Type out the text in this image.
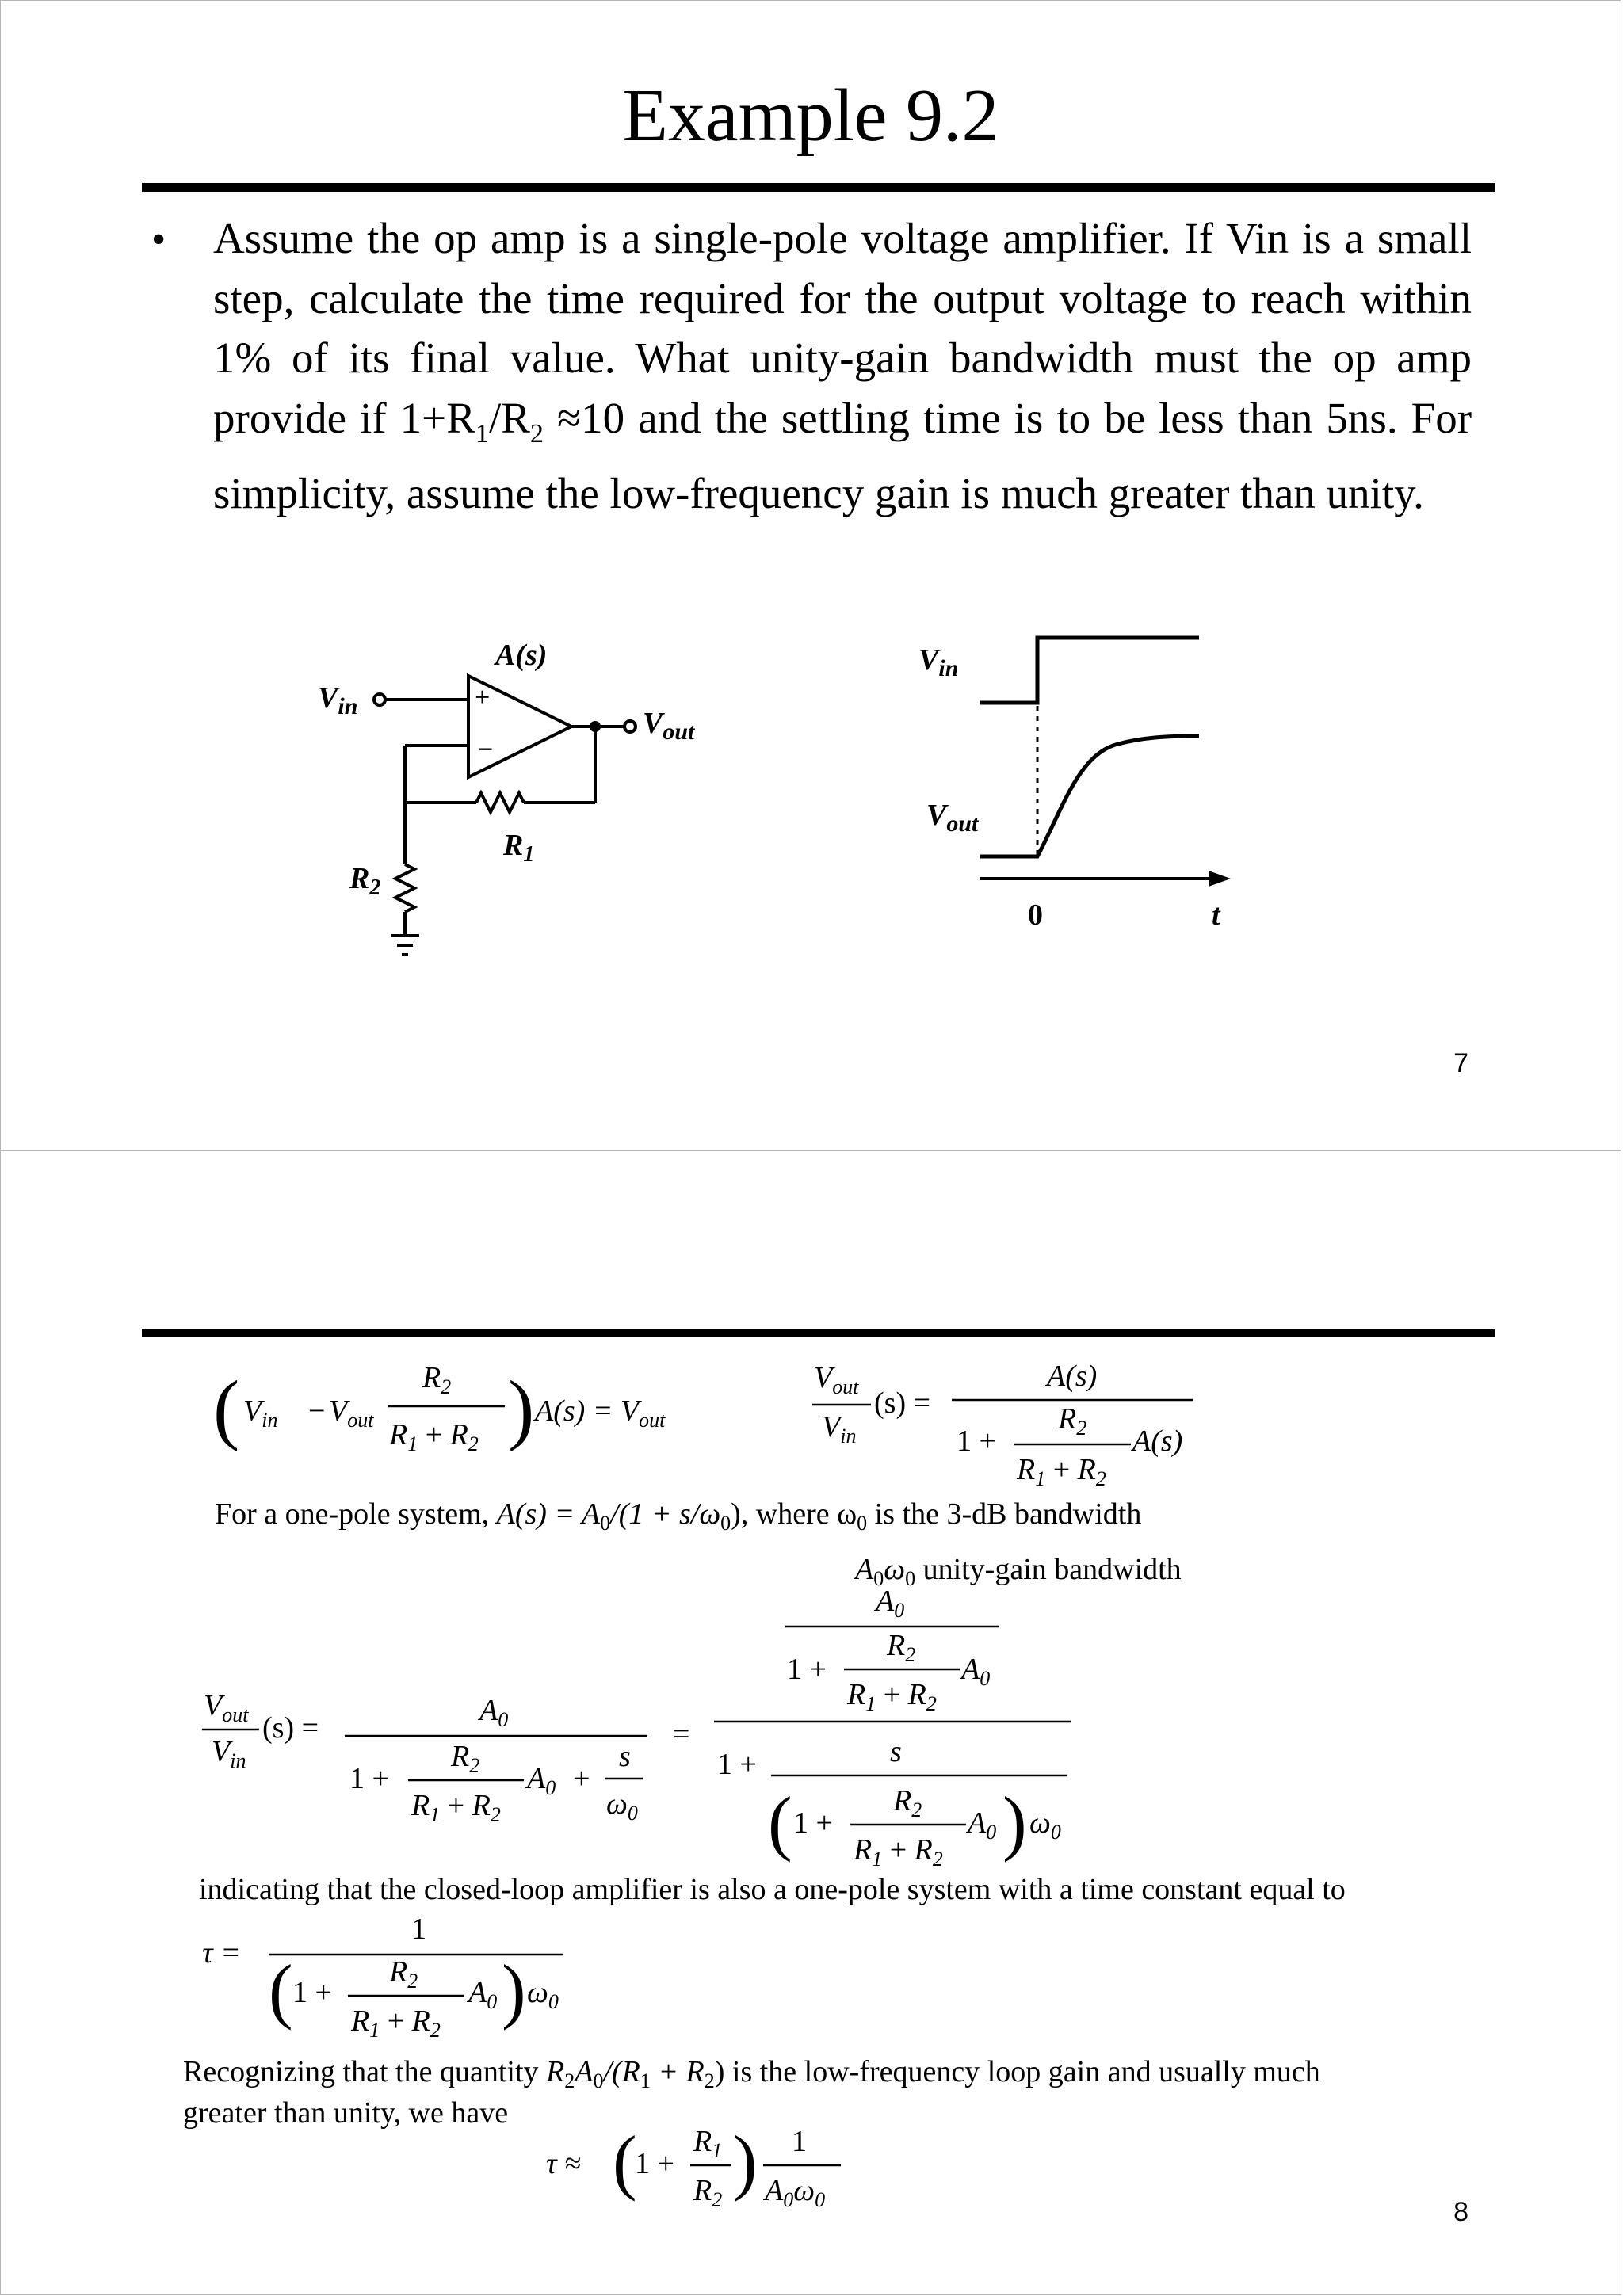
Example 9.2
• Assume the op amp is a single-pole voltage amplifier. If Vin is a small step, calculate the time required for the output voltage to reach within 1% of its final value. What unity-gain bandwidth must the op amp provide if $1+R_1/R_2 \approx 10$ and the settling time is to be less than 5ns. For simplicity, assume the low-frequency gain is much greater than unity.
A(s)
+
−
$V_{in}$
$V_{out}$
$R_1$
$R_2$
$V_{in}$
$V_{out}$
0	t
7
( $V_{in} - V_{out}$
$R_2$
$R_1 + R_2$ ) $A(s) = V_{out}$
$V_{out}$
$V_{in}$
(s) =
A(s)
1 +
$R_2$
$R_1 + R_2$
A(s)
For a one-pole system, $A(s) = A_0/(1 + s/\omega_0)$, where $\omega_0$ is the 3-dB bandwidth
$A_0\omega_0$ unity-gain bandwidth
$V_{out}$
$V_{in}$
(s) =
$A_0$
1 +
$R_2$
$R_1 + R_2$
$A_0$ +
s
$\omega_0$
=
$A_0$
1 +
$R_2$
$R_1 + R_2$
$A_0$
1 +	s
( 1 +
$R_2$
$R_1 + R_2$
$A_0$ ) $\omega_0$
indicating that the closed-loop amplifier is also a one-pole system with a time constant equal to
τ =
1
( 1 +
$R_2$
$R_1 + R_2$
$A_0$ ) $\omega_0$
Recognizing that the quantity $R_2A_0/(R_1 + R_2)$ is the low-frequency loop gain and usually much
greater than unity, we have
τ ≈ (
1 +
$R_1$
$R_2$ ) 1
$A_0\omega_0$	8
